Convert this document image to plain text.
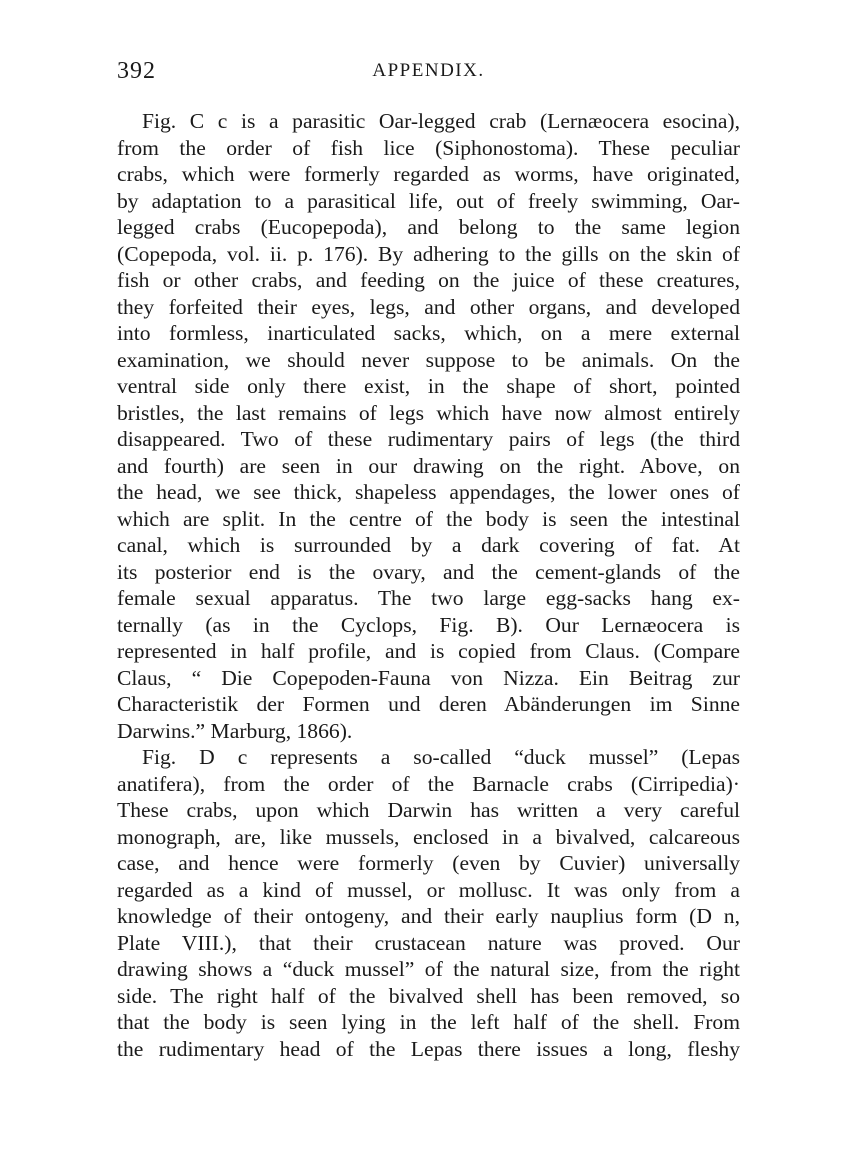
392	APPENDIX.
Fig. C c is a parasitic Oar-legged crab (Lernæocera esocina),
from the order of fish lice (Siphonostoma). These peculiar
crabs, which were formerly regarded as worms, have originated,
by adaptation to a parasitical life, out of freely swimming, Oar-
legged crabs (Eucopepoda), and belong to the same legion
(Copepoda, vol. ii. p. 176). By adhering to the gills on the skin of
fish or other crabs, and feeding on the juice of these creatures,
they forfeited their eyes, legs, and other organs, and developed
into formless, inarticulated sacks, which, on a mere external
examination, we should never suppose to be animals. On the
ventral side only there exist, in the shape of short, pointed
bristles, the last remains of legs which have now almost entirely
disappeared. Two of these rudimentary pairs of legs (the third
and fourth) are seen in our drawing on the right. Above, on
the head, we see thick, shapeless appendages, the lower ones of
which are split. In the centre of the body is seen the intestinal
canal, which is surrounded by a dark covering of fat. At
its posterior end is the ovary, and the cement-glands of the
female sexual apparatus. The two large egg-sacks hang ex-
ternally (as in the Cyclops, Fig. B). Our Lernæocera is
represented in half profile, and is copied from Claus. (Compare
Claus, “ Die Copepoden-Fauna von Nizza. Ein Beitrag zur
Characteristik der Formen und deren Abänderungen im Sinne
Darwins.” Marburg, 1866).
Fig. D c represents a so-called “duck mussel” (Lepas
anatifera), from the order of the Barnacle crabs (Cirripedia)·
These crabs, upon which Darwin has written a very careful
monograph, are, like mussels, enclosed in a bivalved, calcareous
case, and hence were formerly (even by Cuvier) universally
regarded as a kind of mussel, or mollusc. It was only from a
knowledge of their ontogeny, and their early nauplius form (D n,
Plate VIII.), that their crustacean nature was proved. Our
drawing shows a “duck mussel” of the natural size, from the right
side. The right half of the bivalved shell has been removed, so
that the body is seen lying in the left half of the shell. From
the rudimentary head of the Lepas there issues a long, fleshy
